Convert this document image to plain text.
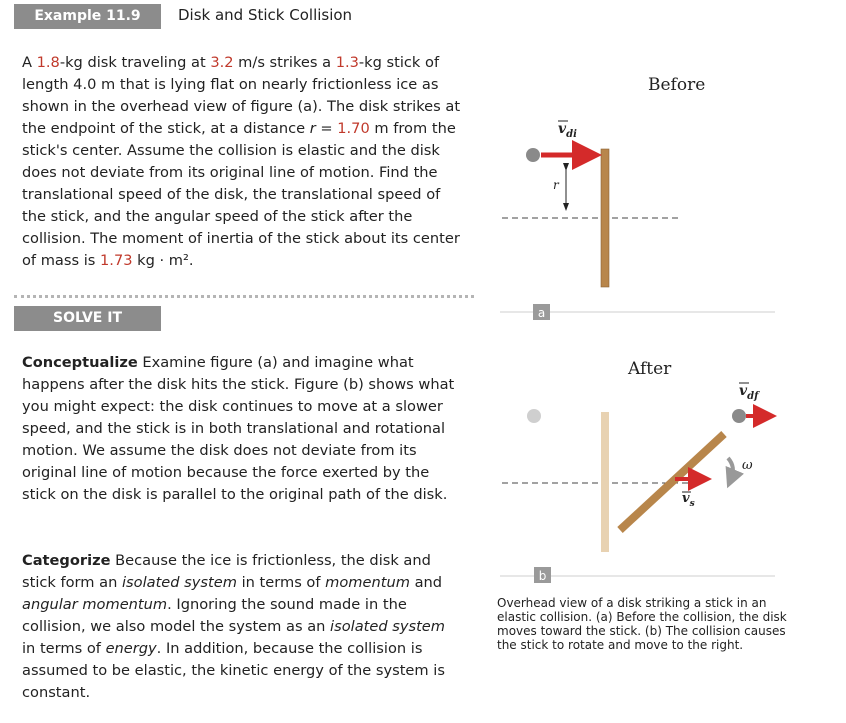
Example 11.9	Disk and Stick Collision

A 1.8-kg disk traveling at 3.2 m/s strikes a 1.3-kg stick of length 4.0 m that is lying flat on nearly frictionless ice as shown in the overhead view of figure (a). The disk strikes at the endpoint of the stick, at a distance r = 1.70 m from the stick's center. Assume the collision is elastic and the disk does not deviate from its original line of motion. Find the translational speed of the disk, the translational speed of the stick, and the angular speed of the stick after the collision. The moment of inertia of the stick about its center of mass is 1.73 kg · m².

SOLVE IT

Conceptualize Examine figure (a) and imagine what happens after the disk hits the stick. Figure (b) shows what you might expect: the disk continues to move at a slower speed, and the stick is in both translational and rotational motion. We assume the disk does not deviate from its original line of motion because the force exerted by the stick on the disk is parallel to the original path of the disk.

Categorize Because the ice is frictionless, the disk and stick form an isolated system in terms of momentum and angular momentum. Ignoring the sound made in the collision, we also model the system as an isolated system in terms of energy. In addition, because the collision is assumed to be elastic, the kinetic energy of the system is constant.

Before
r
$v_{di}$
a
After
$v_s$
ω
$v_{df}$
b

Overhead view of a disk striking a stick in an elastic collision. (a) Before the collision, the disk moves toward the stick. (b) The collision causes the stick to rotate and move to the right.
